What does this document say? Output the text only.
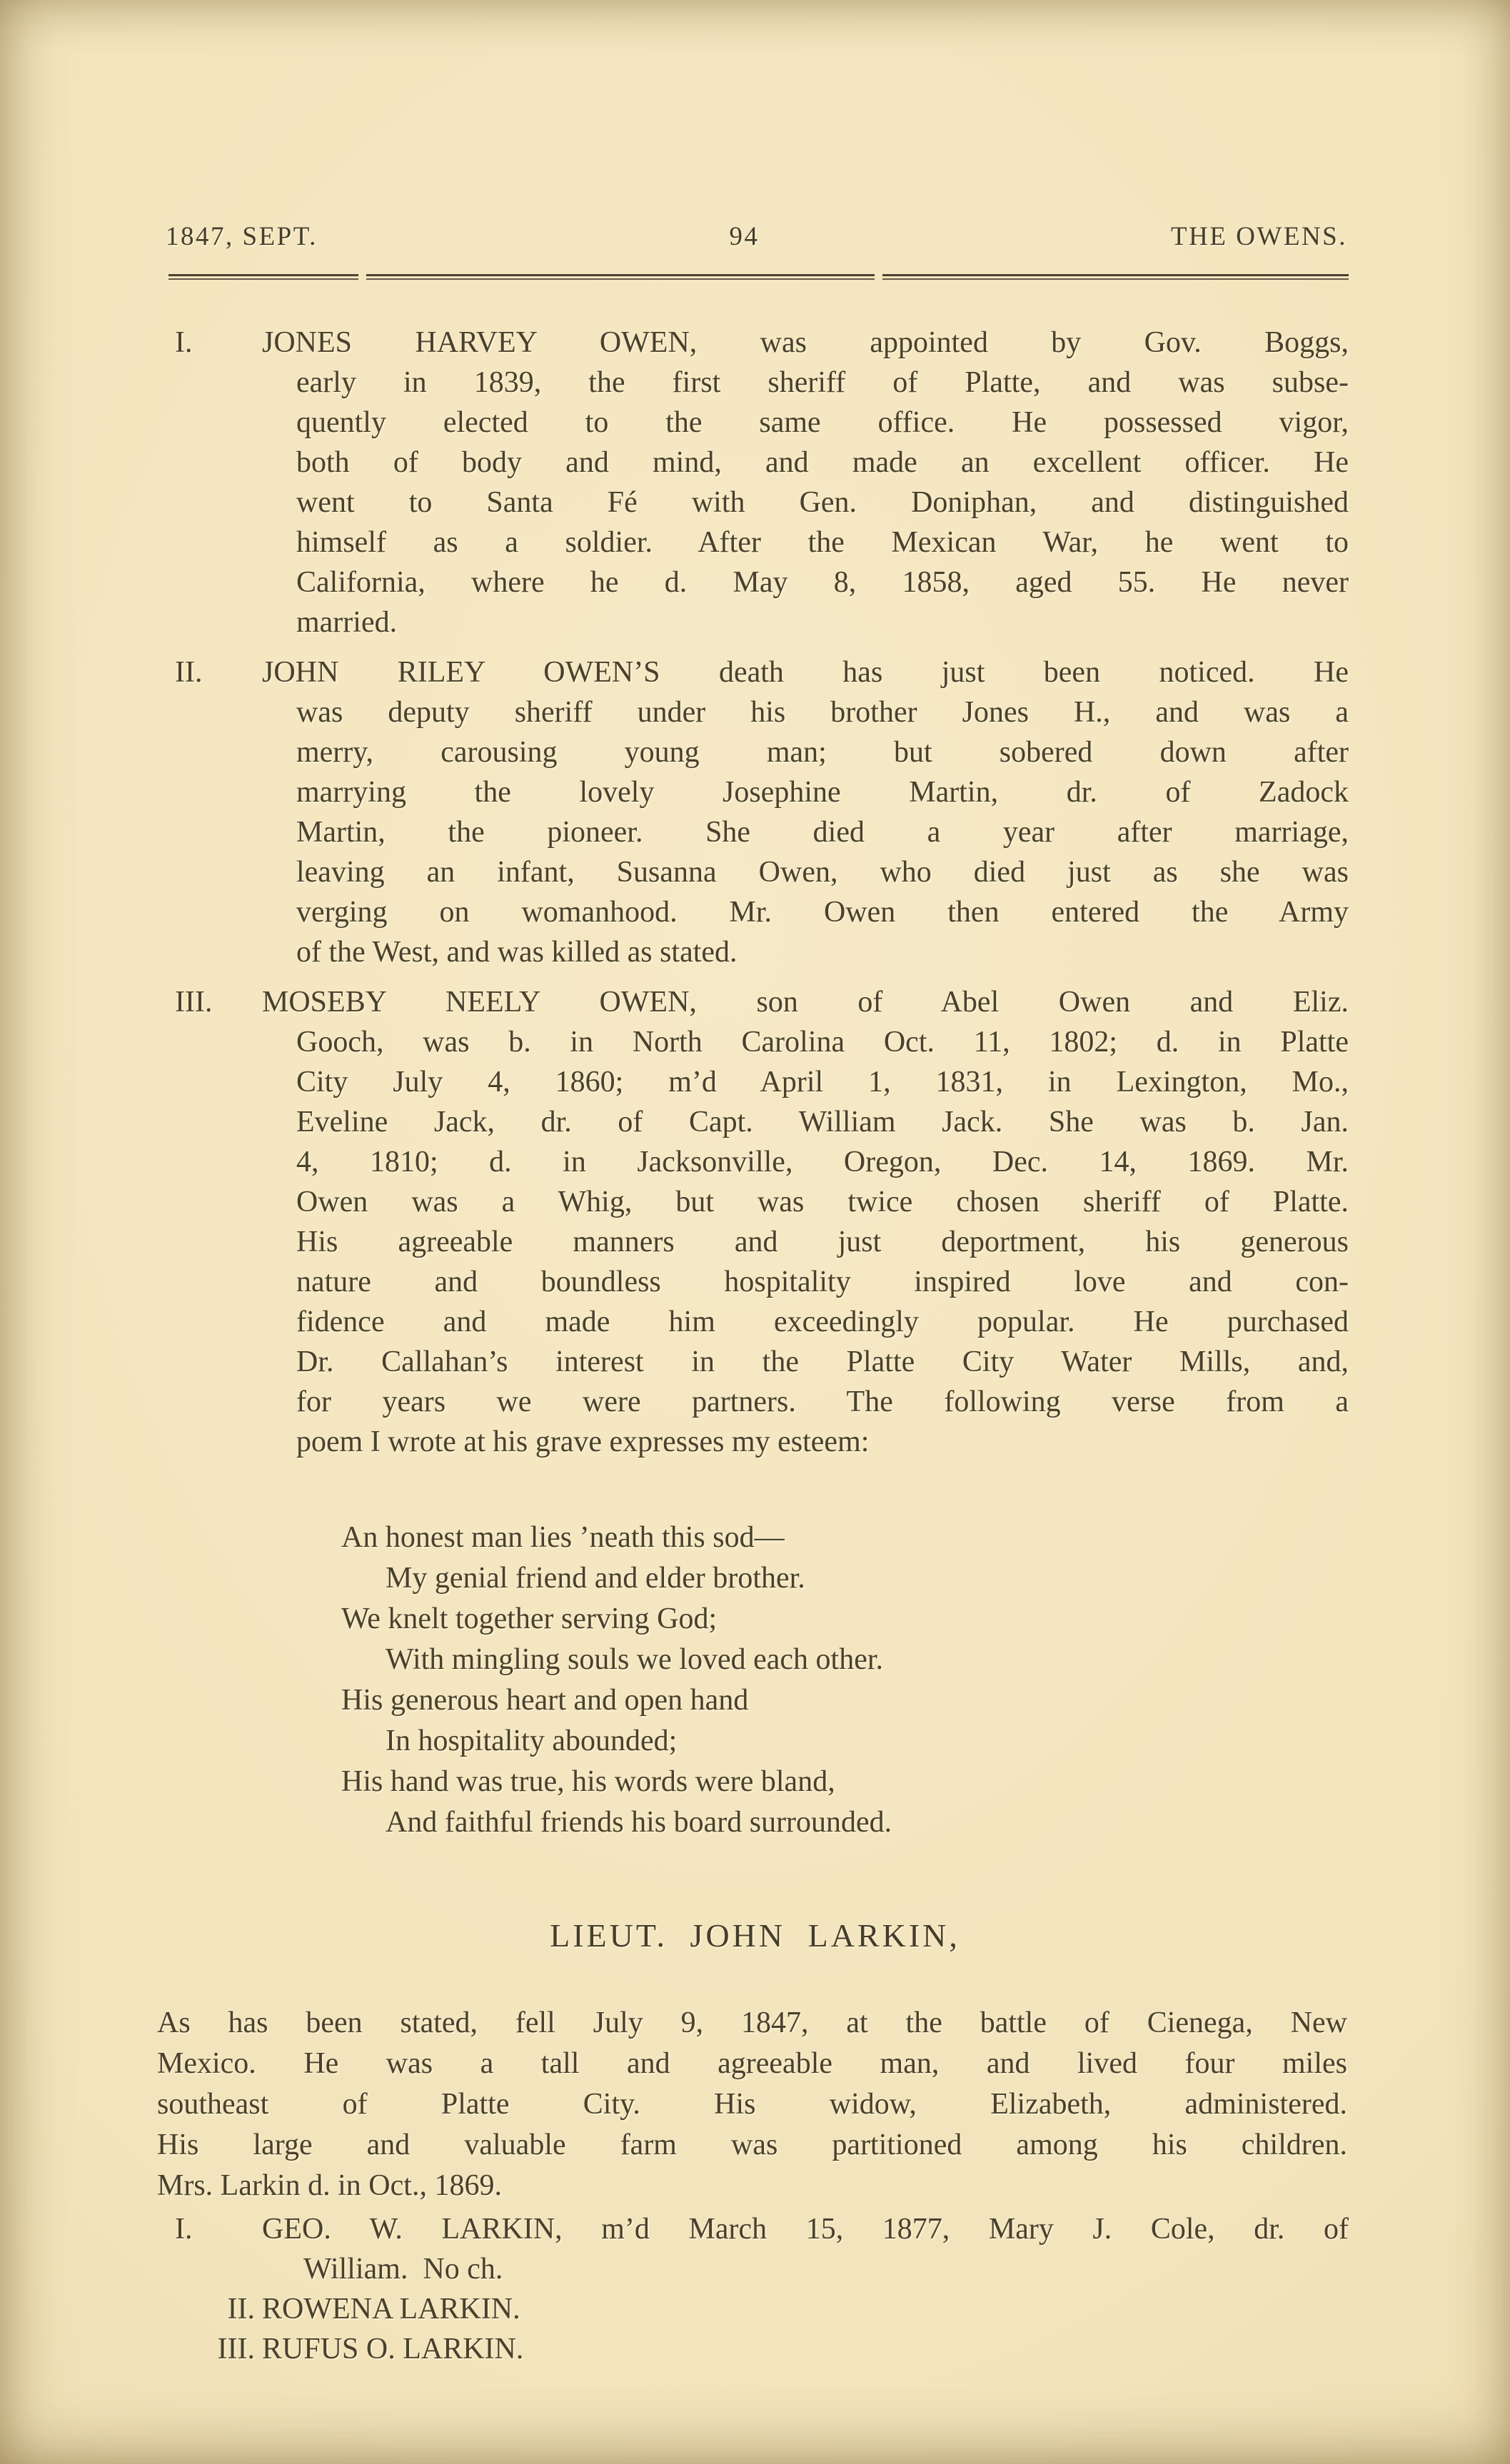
1847, SEPT.	94	THE OWENS.
I. JONES HARVEY OWEN, was appointed by Gov. Boggs,
early in 1839, the first sheriff of Platte, and was subse-
quently elected to the same office. He possessed vigor,
both of body and mind, and made an excellent officer. He
went to Santa Fé with Gen. Doniphan, and distinguished
himself as a soldier. After the Mexican War, he went to
California, where he d. May 8, 1858, aged 55. He never
married.
II. JOHN RILEY OWEN’S death has just been noticed. He
was deputy sheriff under his brother Jones H., and was a
merry, carousing young man; but sobered down after
marrying the lovely Josephine Martin, dr. of Zadock
Martin, the pioneer. She died a year after marriage,
leaving an infant, Susanna Owen, who died just as she was
verging on womanhood. Mr. Owen then entered the Army
of the West, and was killed as stated.
III. MOSEBY NEELY OWEN, son of Abel Owen and Eliz.
Gooch, was b. in North Carolina Oct. 11, 1802; d. in Platte
City July 4, 1860; m’d April 1, 1831, in Lexington, Mo.,
Eveline Jack, dr. of Capt. William Jack. She was b. Jan.
4, 1810; d. in Jacksonville, Oregon, Dec. 14, 1869. Mr.
Owen was a Whig, but was twice chosen sheriff of Platte.
His agreeable manners and just deportment, his generous
nature and boundless hospitality inspired love and con-
fidence and made him exceedingly popular. He purchased
Dr. Callahan’s interest in the Platte City Water Mills, and,
for years we were partners. The following verse from a
poem I wrote at his grave expresses my esteem:
An honest man lies ’neath this sod—
My genial friend and elder brother.
We knelt together serving God;
With mingling souls we loved each other.
His generous heart and open hand
In hospitality abounded;
His hand was true, his words were bland,
And faithful friends his board surrounded.
LIEUT. JOHN LARKIN,
As has been stated, fell July 9, 1847, at the battle of Cienega, New
Mexico. He was a tall and agreeable man, and lived four miles
southeast of Platte City. His widow, Elizabeth, administered.
His large and valuable farm was partitioned among his children.
Mrs. Larkin d. in Oct., 1869.
I. GEO. W. LARKIN, m’d March 15, 1877, Mary J. Cole, dr. of
William.  No ch.
II. ROWENA LARKIN.
III. RUFUS O. LARKIN.
